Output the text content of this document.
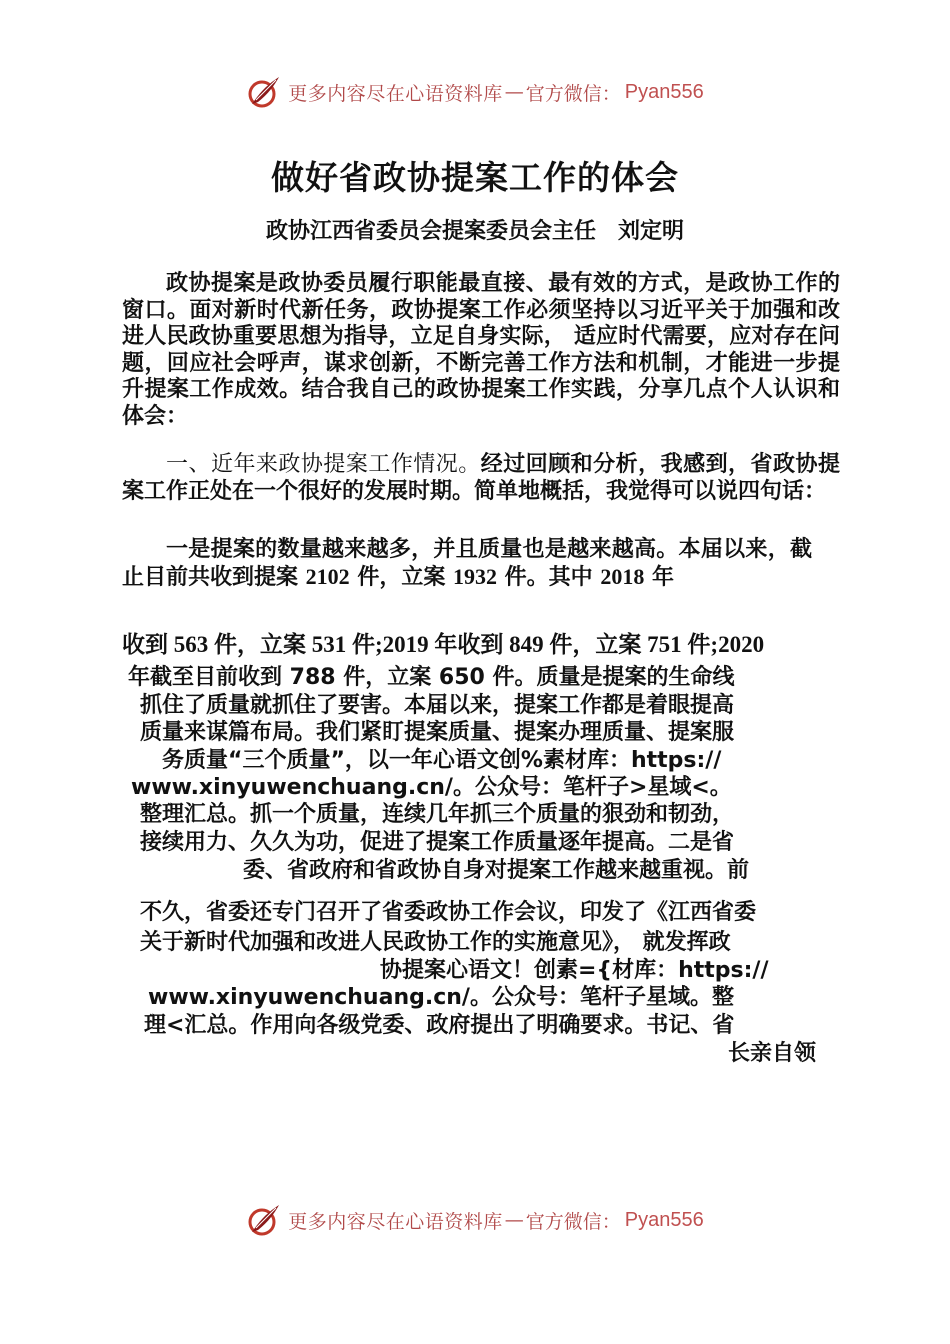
更多内容尽在心语资料库 — 官方微信： Pyan556
做好省政协提案工作的体会
政协江西省委员会提案委员会主任　刘定明

政协提案是政协委员履行职能最直接、最有效的方式，是政协工作的窗口。面对新时代新任务，政协提案工作必须坚持以习近平关于加强和改进人民政协重要思想为指导，立足自身实际， 适应时代需要，应对存在问题，回应社会呼声，谋求创新，不断完善工作方法和机制，才能进一步提升提案工作成效。结合我自己的政协提案工作实践，分享几点个人认识和体会：

一、近年来政协提案工作情况。经过回顾和分析，我感到，省政协提案工作正处在一个很好的发展时期。简单地概括，我觉得可以说四句话：

一是提案的数量越来越多，并且质量也是越来越高。本届以来，截止目前共收到提案 2102 件，立案 1932 件。其中 2018 年

收到 563 件，立案 531 件;2019 年收到 849 件，立案 751 件;2020
年截至目前收到 788 件，立案 650 件。质量是提案的生命线
抓住了质量就抓住了要害。本届以来，提案工作都是着眼提高
质量来谋篇布局。我们紧盯提案质量、提案办理质量、提案服
务质量“三个质量”，以一年心语文创%素材库：https://
www.xinyuwenchuang.cn/。公众号：笔杆子>星域<。
整理汇总。抓一个质量，连续几年抓三个质量的狠劲和韧劲，
接续用力、久久为功，促进了提案工作质量逐年提高。二是省
委、省政府和省政协自身对提案工作越来越重视。前
不久，省委还专门召开了省委政协工作会议，印发了《江西省委
关于新时代加强和改进人民政协工作的实施意见》， 就发挥政
协提案心语文！创素={材库：https://
www.xinyuwenchuang.cn/。公众号：笔杆子星域。整
理<汇总。作用向各级党委、政府提出了明确要求。书记、省
长亲自领
更多内容尽在心语资料库 — 官方微信： Pyan556
